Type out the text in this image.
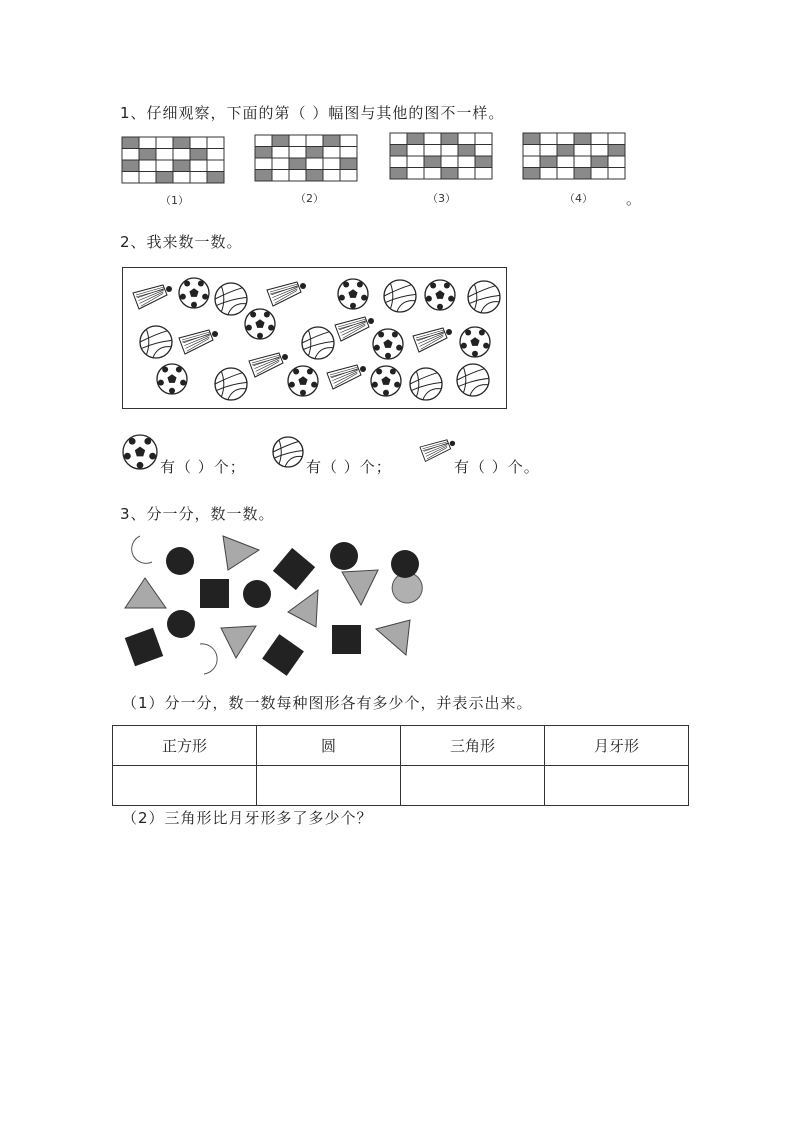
1、仔细观察，下面的第（ ）幅图与其他的图不一样。
（1）	（2）	（3）	（4） 。
2、我来数一数。
有（ ）个；	有（ ）个；	有（ ）个。
3、分一分，数一数。
（1）分一分，数一数每种图形各有多少个，并表示出来。
正方形	圆	三角形	月牙形

（2）三角形比月牙形多了多少个？
